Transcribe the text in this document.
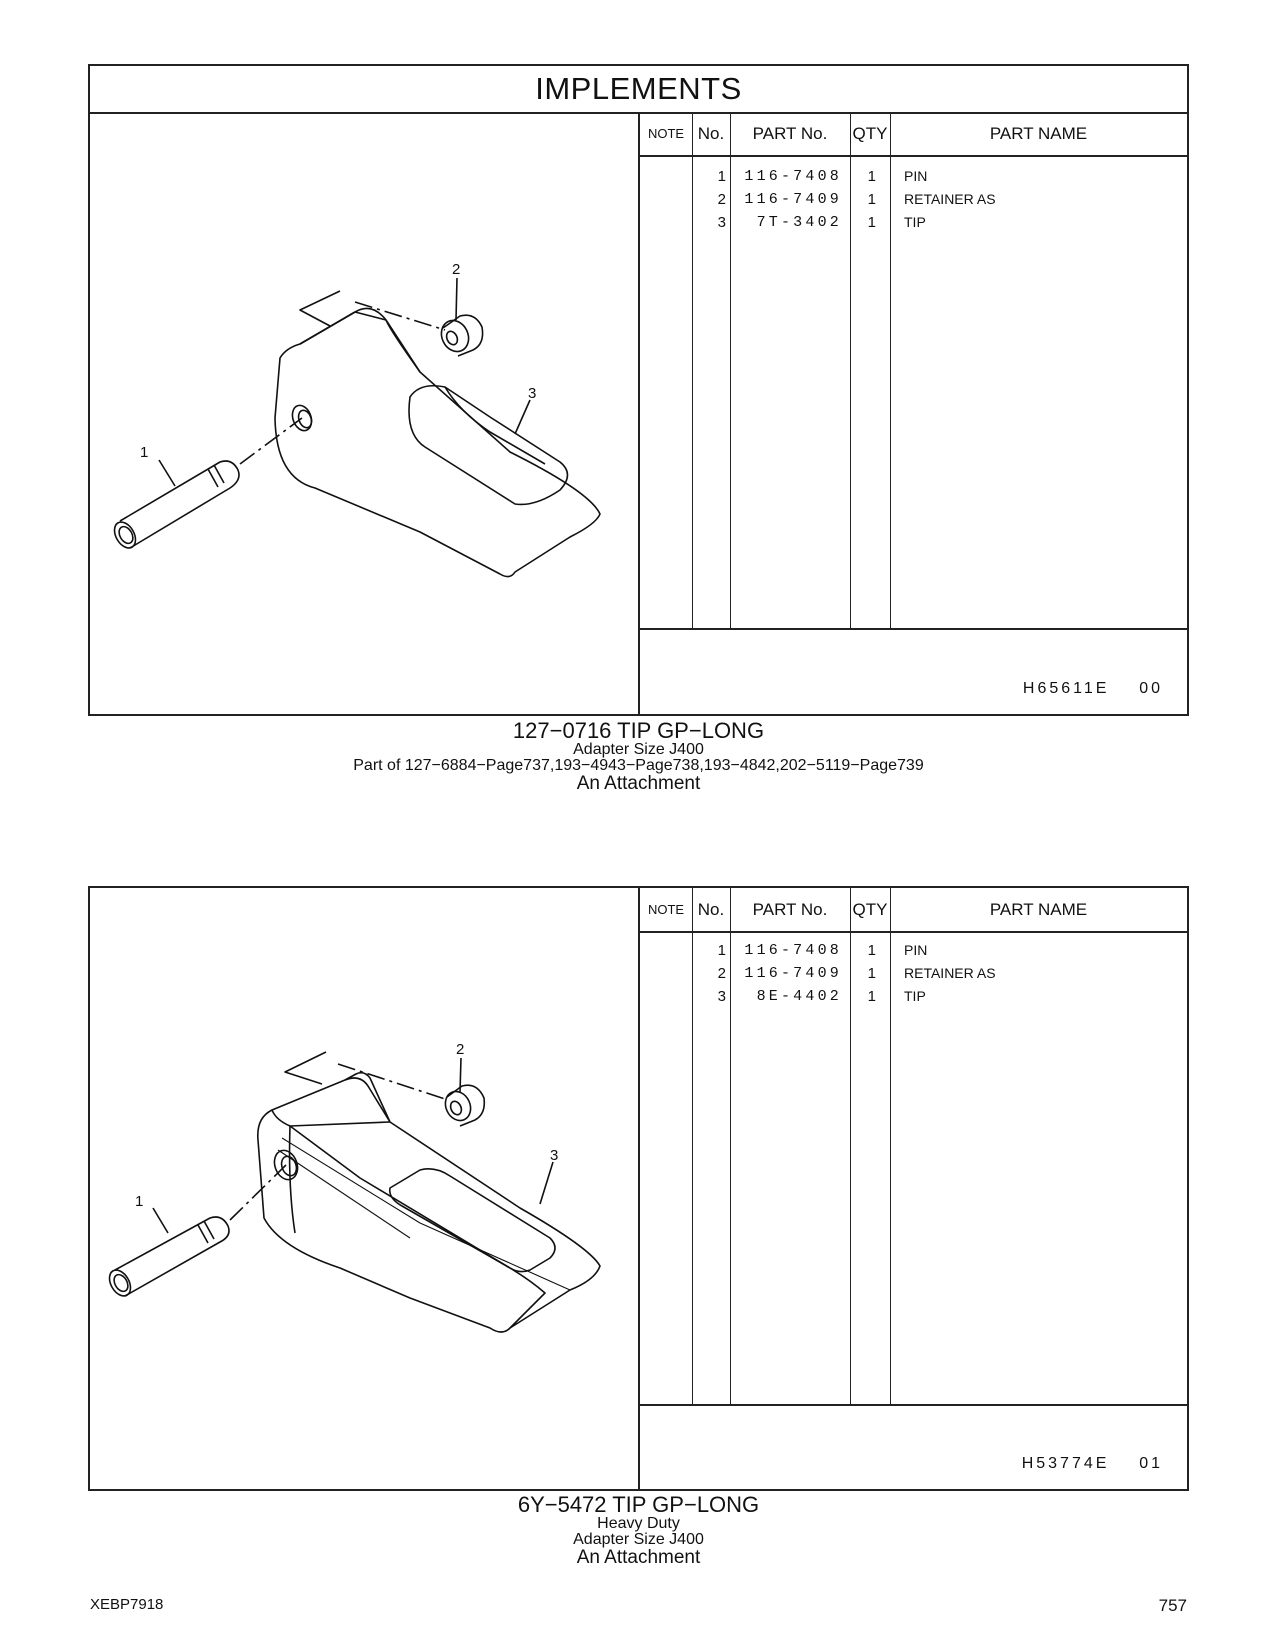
IMPLEMENTS
1
2
3
NOTE No.	PART No.	QTY	PART NAME
1	116-7408	1 PIN
2	116-7409	1 RETAINER AS
3	7T-3402	1 TIP
H65611E 00
127−0716 TIP GP−LONG
Adapter Size J400
Part of 127−6884−Page737,193−4943−Page738,193−4842,202−5119−Page739
An Attachment
1
2
3
NOTE No.	PART No.	QTY	PART NAME
1	116-7408	1 PIN
2	116-7409	1 RETAINER AS
3	8E-4402	1 TIP
H53774E 01
6Y−5472 TIP GP−LONG
Heavy Duty
Adapter Size J400
An Attachment
XEBP7918	757
